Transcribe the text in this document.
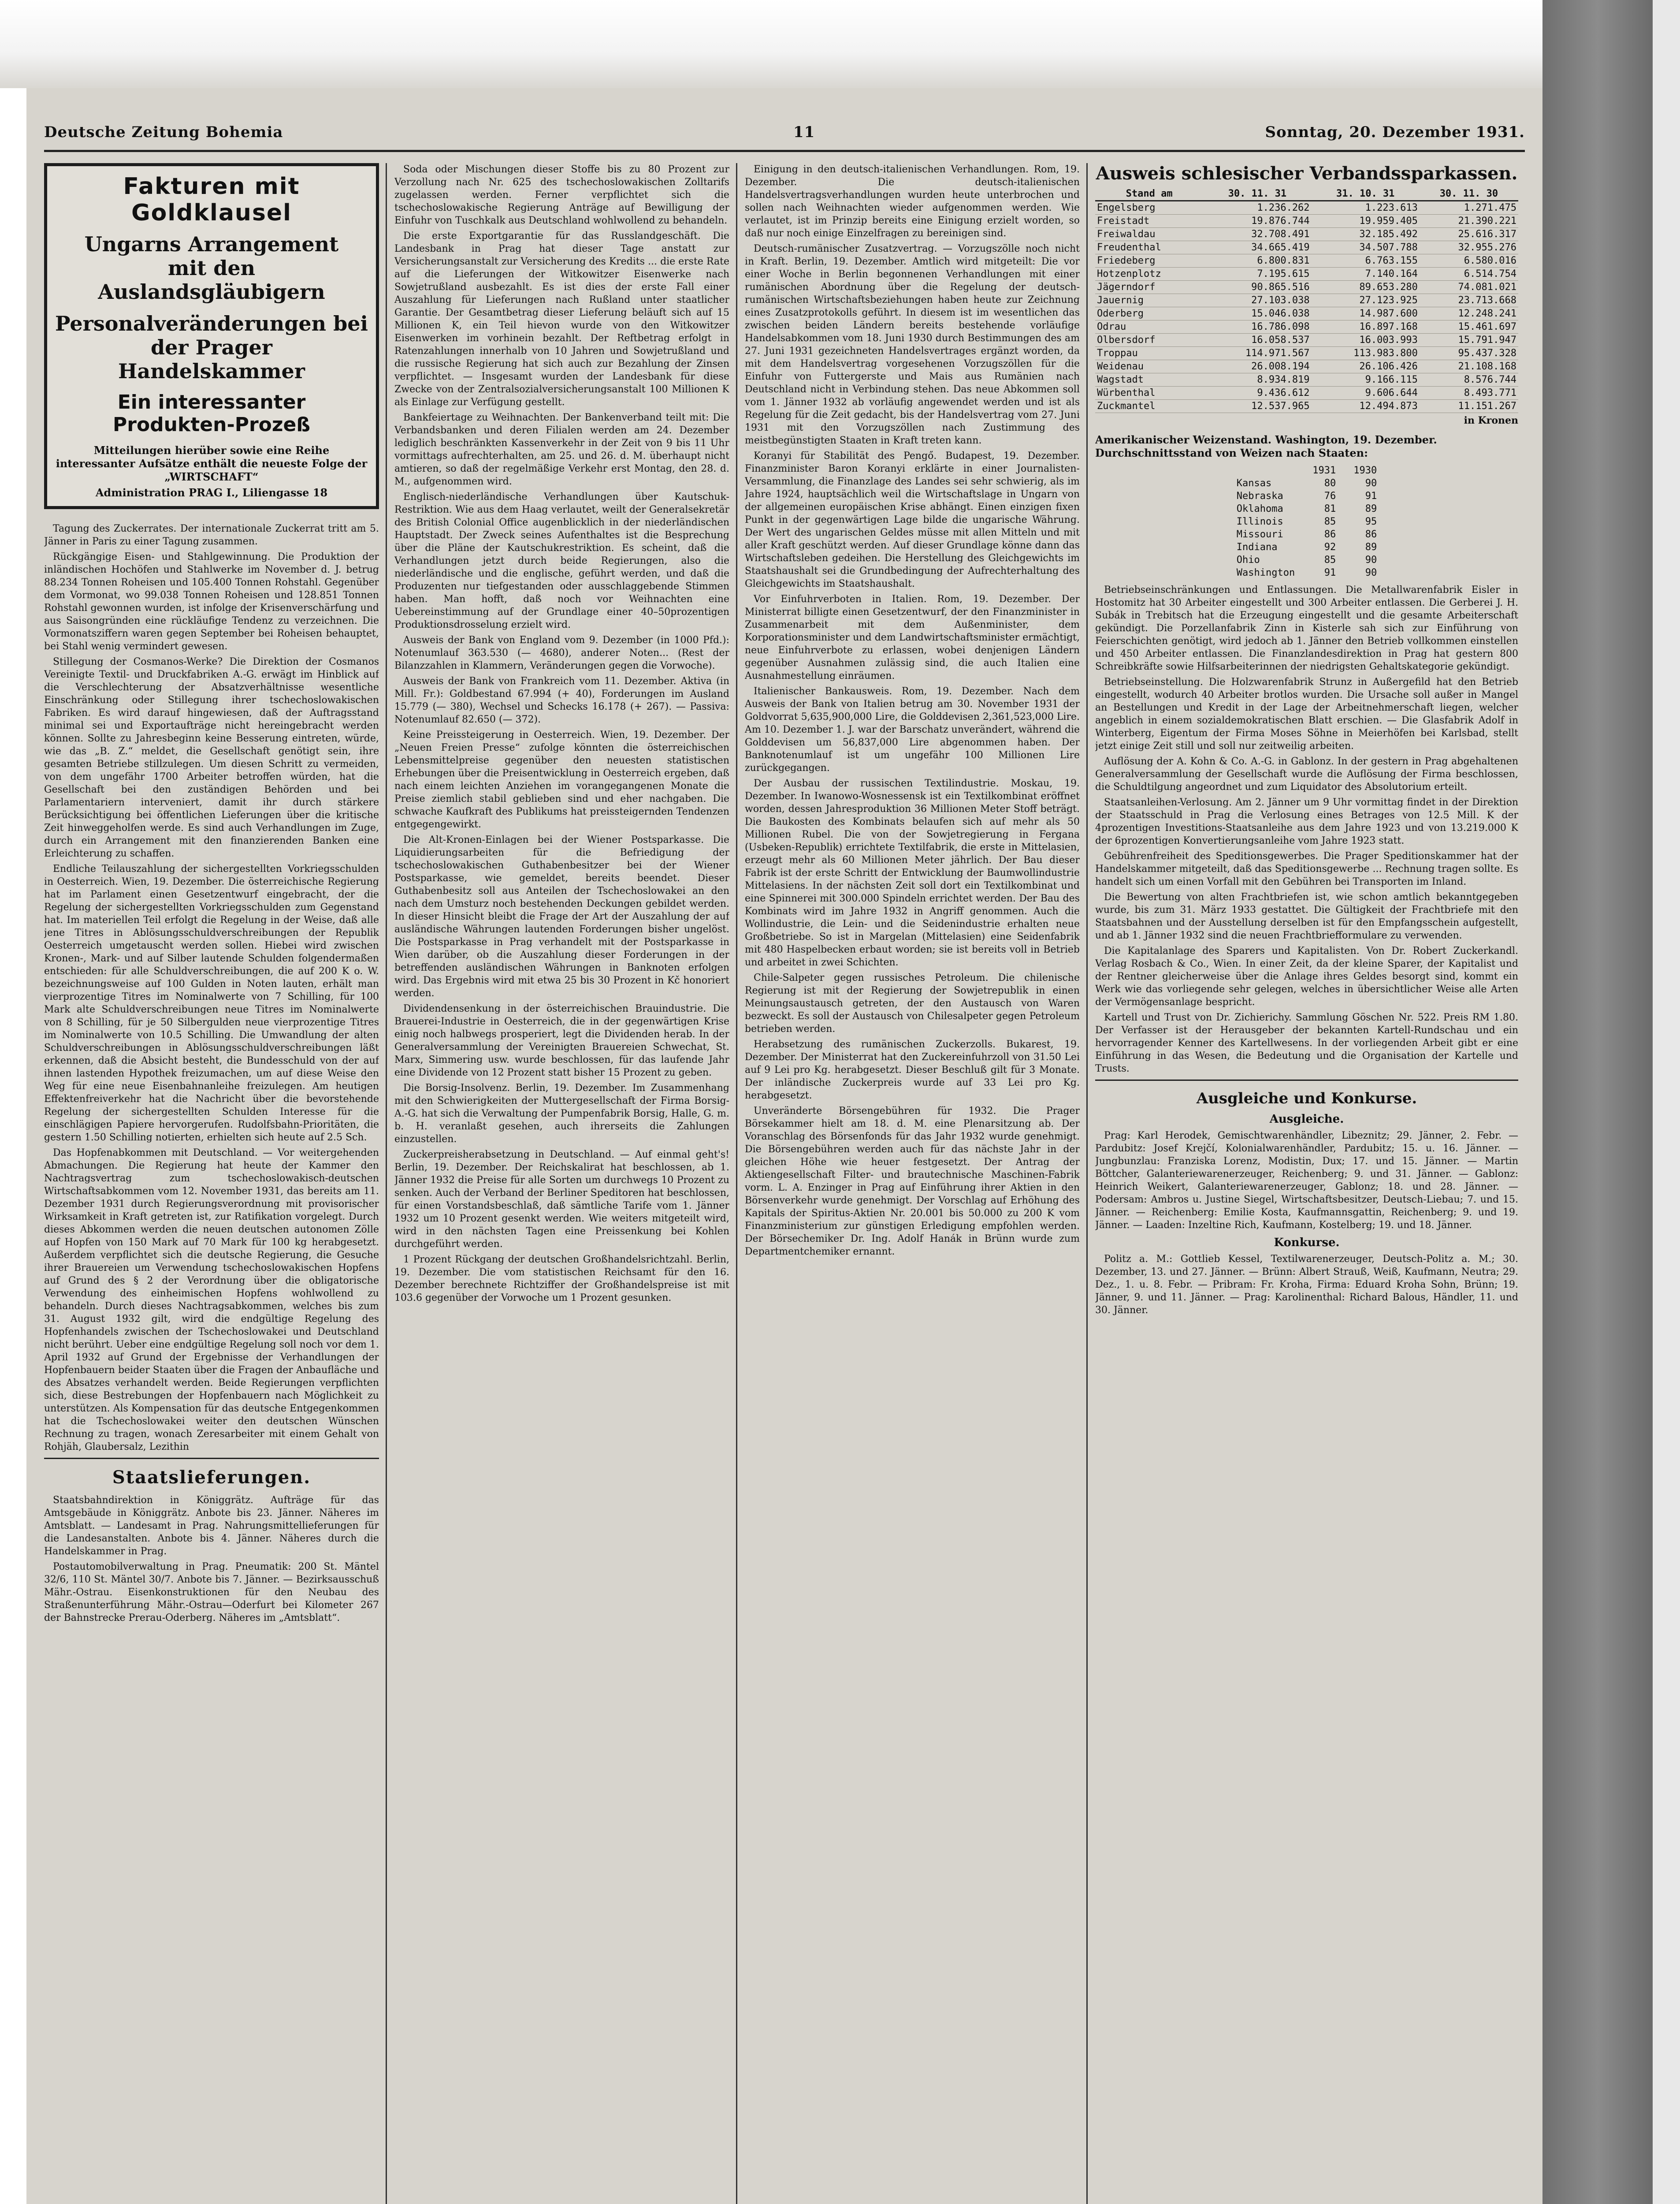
Deutsche Zeitung Bohemia	11	Sonntag, 20. Dezember 1931.
Fakturen mit Goldklausel
Ungarns Arrangement
mit den Auslandsgläubigern
Personalveränderungen bei
der Prager Handelskammer
Ein interessanter Produkten-Prozeß
Mitteilungen hierüber sowie eine Reihe interessanter Aufsätze enthält die neueste Folge der „WIRTSCHAFT“
Administration PRAG I., Liliengasse 18

Tagung des Zuckerrates. Der internationale Zuckerrat tritt am 5. Jänner in Paris zu einer Tagung zusammen.

Rückgängige Eisen- und Stahlgewinnung. Die Produktion der inländischen Hochöfen und Stahlwerke im November d. J. betrug 88.234 Tonnen Roheisen und 105.400 Tonnen Rohstahl. Gegenüber dem Vormonat, wo 99.038 Tonnen Roheisen und 128.851 Tonnen Rohstahl gewonnen wurden, ist infolge der Krisenverschärfung und aus Saisongründen eine rückläufige Tendenz zu verzeichnen. Die Vormonatsziffern waren gegen September bei Roheisen behauptet, bei Stahl wenig vermindert gewesen.

Stillegung der Cosmanos-Werke? Die Direktion der Cosmanos Vereinigte Textil- und Druckfabriken A.-G. erwägt im Hinblick auf die Verschlechterung der Absatzverhältnisse wesentliche Einschränkung oder Stillegung ihrer tschechoslowakischen Fabriken. Es wird darauf hingewiesen, daß der Auftragsstand minimal sei und Exportaufträge nicht hereingebracht werden können. Sollte zu Jahresbeginn keine Besserung eintreten, würde, wie das „B. Z.“ meldet, die Gesellschaft genötigt sein, ihre gesamten Betriebe stillzulegen. Um diesen Schritt zu vermeiden, von dem ungefähr 1700 Arbeiter betroffen würden, hat die Gesellschaft bei den zuständigen Behörden und bei Parlamentariern interveniert, damit ihr durch stärkere Berücksichtigung bei öffentlichen Lieferungen über die kritische Zeit hinweggeholfen werde. Es sind auch Verhandlungen im Zuge, durch ein Arrangement mit den finanzierenden Banken eine Erleichterung zu schaffen.

Endliche Teilauszahlung der sichergestellten Vorkriegsschulden in Oesterreich. Wien, 19. Dezember. Die österreichische Regierung hat im Parlament einen Gesetzentwurf eingebracht, der die Regelung der sichergestellten Vorkriegsschulden zum Gegenstand hat. Im materiellen Teil erfolgt die Regelung in der Weise, daß alle jene Titres in Ablösungsschuldverschreibungen der Republik Oesterreich umgetauscht werden sollen. Hiebei wird zwischen Kronen-, Mark- und auf Silber lautende Schulden folgendermaßen entschieden: für alle Schuldverschreibungen, die auf 200 K o. W. bezeichnungsweise auf 100 Gulden in Noten lauten, erhält man vierprozentige Titres im Nominalwerte von 7 Schilling, für 100 Mark alte Schuldverschreibungen neue Titres im Nominalwerte von 8 Schilling, für je 50 Silbergulden neue vierprozentige Titres im Nominalwerte von 10.5 Schilling. Die Umwandlung der alten Schuldverschreibungen in Ablösungsschuldverschreibungen läßt erkennen, daß die Absicht besteht, die Bundesschuld von der auf ihnen lastenden Hypothek freizumachen, um auf diese Weise den Weg für eine neue Eisenbahnanleihe freizulegen. Am heutigen Effektenfreiverkehr hat die Nachricht über die bevorstehende Regelung der sichergestellten Schulden Interesse für die einschlägigen Papiere hervorgerufen. Rudolfsbahn-Prioritäten, die gestern 1.50 Schilling notierten, erhielten sich heute auf 2.5 Sch.

Das Hopfenabkommen mit Deutschland. — Vor weitergehenden Abmachungen. Die Regierung hat heute der Kammer den Nachtragsvertrag zum tschechoslowakisch-deutschen Wirtschaftsabkommen vom 12. November 1931, das bereits am 11. Dezember 1931 durch Regierungsverordnung mit provisorischer Wirksamkeit in Kraft getreten ist, zur Ratifikation vorgelegt. Durch dieses Abkommen werden die neuen deutschen autonomen Zölle auf Hopfen von 150 Mark auf 70 Mark für 100 kg herabgesetzt. Außerdem verpflichtet sich die deutsche Regierung, die Gesuche ihrer Brauereien um Verwendung tschechoslowakischen Hopfens auf Grund des § 2 der Verordnung über die obligatorische Verwendung des einheimischen Hopfens wohlwollend zu behandeln. Durch dieses Nachtragsabkommen, welches bis zum 31. August 1932 gilt, wird die endgültige Regelung des Hopfenhandels zwischen der Tschechoslowakei und Deutschland nicht berührt. Ueber eine endgültige Regelung soll noch vor dem 1. April 1932 auf Grund der Ergebnisse der Verhandlungen der Hopfenbauern beider Staaten über die Fragen der Anbaufläche und des Absatzes verhandelt werden. Beide Regierungen verpflichten sich, diese Bestrebungen der Hopfenbauern nach Möglichkeit zu unterstützen. Als Kompensation für das deutsche Entgegenkommen hat die Tschechoslowakei weiter den deutschen Wünschen Rechnung zu tragen, wonach Zeresarbeiter mit einem Gehalt von Rohjäh, Glaubersalz, Lezithin

Staatslieferungen.

Staatsbahndirektion in Königgrätz. Aufträge für das Amtsgebäude in Königgrätz. Anbote bis 23. Jänner. Näheres im Amtsblatt. — Landesamt in Prag. Nahrungsmittellieferungen für die Landesanstalten. Anbote bis 4. Jänner. Näheres durch die Handelskammer in Prag.

Postautomobilverwaltung in Prag. Pneumatik: 200 St. Mäntel 32/6, 110 St. Mäntel 30/7. Anbote bis 7. Jänner. — Bezirksausschuß Mähr.-Ostrau. Eisenkonstruktionen für den Neubau des Straßenunterführung Mähr.-Ostrau—Oderfurt bei Kilometer 267 der Bahnstrecke Prerau-Oderberg. Näheres im „Amtsblatt“.

Soda oder Mischungen dieser Stoffe bis zu 80 Prozent zur Verzollung nach Nr. 625 des tschechoslowakischen Zolltarifs zugelassen werden. Ferner verpflichtet sich die tschechoslowakische Regierung Anträge auf Bewilligung der Einfuhr von Tuschkalk aus Deutschland wohlwollend zu behandeln.

Die erste Exportgarantie für das Russlandgeschäft. Die Landesbank in Prag hat dieser Tage anstatt zur Versicherungsanstalt zur Versicherung des Kredits ... die erste Rate auf die Lieferungen der Witkowitzer Eisenwerke nach Sowjetrußland ausbezahlt. Es ist dies der erste Fall einer Auszahlung für Lieferungen nach Rußland unter staatlicher Garantie. Der Gesamtbetrag dieser Lieferung beläuft sich auf 15 Millionen K, ein Teil hievon wurde von den Witkowitzer Eisenwerken im vorhinein bezahlt. Der Reftbetrag erfolgt in Ratenzahlungen innerhalb von 10 Jahren und Sowjetrußland und die russische Regierung hat sich auch zur Bezahlung der Zinsen verpflichtet. — Insgesamt wurden der Landesbank für diese Zwecke von der Zentralsozialversicherungsanstalt 100 Millionen K als Einlage zur Verfügung gestellt.

Bankfeiertage zu Weihnachten. Der Bankenverband teilt mit: Die Verbandsbanken und deren Filialen werden am 24. Dezember lediglich beschränkten Kassenverkehr in der Zeit von 9 bis 11 Uhr vormittags aufrechterhalten, am 25. und 26. d. M. überhaupt nicht amtieren, so daß der regelmäßige Verkehr erst Montag, den 28. d. M., aufgenommen wird.

Englisch-niederländische Verhandlungen über Kautschuk-Restriktion. Wie aus dem Haag verlautet, weilt der Generalsekretär des British Colonial Office augenblicklich in der niederländischen Hauptstadt. Der Zweck seines Aufenthaltes ist die Besprechung über die Pläne der Kautschukrestriktion. Es scheint, daß die Verhandlungen jetzt durch beide Regierungen, also die niederländische und die englische, geführt werden, und daß die Produzenten nur tiefgestanden oder ausschlaggebende Stimmen haben. Man hofft, daß noch vor Weihnachten eine Uebereinstimmung auf der Grundlage einer 40–50prozentigen Produktionsdrosselung erzielt wird.

Ausweis der Bank von England vom 9. Dezember (in 1000 Pfd.): Notenumlauf 363.530 (— 4680), anderer Noten... (Rest der Bilanzzahlen in Klammern, Veränderungen gegen die Vorwoche).

Ausweis der Bank von Frankreich vom 11. Dezember. Aktiva (in Mill. Fr.): Goldbestand 67.994 (+ 40), Forderungen im Ausland 15.779 (— 380), Wechsel und Schecks 16.178 (+ 267). — Passiva: Notenumlauf 82.650 (— 372).

Keine Preissteigerung in Oesterreich. Wien, 19. Dezember. Der „Neuen Freien Presse“ zufolge könnten die österreichischen Lebensmittelpreise gegenüber den neuesten statistischen Erhebungen über die Preisentwicklung in Oesterreich ergeben, daß nach einem leichten Anziehen im vorangegangenen Monate die Preise ziemlich stabil geblieben sind und eher nachgaben. Die schwache Kaufkraft des Publikums hat preissteigernden Tendenzen entgegengewirkt.

Die Alt-Kronen-Einlagen bei der Wiener Postsparkasse. Die Liquidierungsarbeiten für die Befriedigung der tschechoslowakischen Guthabenbesitzer bei der Wiener Postsparkasse, wie gemeldet, bereits beendet. Dieser Guthabenbesitz soll aus Anteilen der Tschechoslowakei an den nach dem Umsturz noch bestehenden Deckungen gebildet werden. In dieser Hinsicht bleibt die Frage der Art der Auszahlung der auf ausländische Währungen lautenden Forderungen bisher ungelöst. Die Postsparkasse in Prag verhandelt mit der Postsparkasse in Wien darüber, ob die Auszahlung dieser Forderungen in der betreffenden ausländischen Währungen in Banknoten erfolgen wird. Das Ergebnis wird mit etwa 25 bis 30 Prozent in Kč honoriert werden.

Dividendensenkung in der österreichischen Brauindustrie. Die Brauerei-Industrie in Oesterreich, die in der gegenwärtigen Krise einig noch halbwegs prosperiert, legt die Dividenden herab. In der Generalversammlung der Vereinigten Brauereien Schwechat, St. Marx, Simmering usw. wurde beschlossen, für das laufende Jahr eine Dividende von 12 Prozent statt bisher 15 Prozent zu geben.

Die Borsig-Insolvenz. Berlin, 19. Dezember. Im Zusammenhang mit den Schwierigkeiten der Muttergesellschaft der Firma Borsig-A.-G. hat sich die Verwaltung der Pumpenfabrik Borsig, Halle, G. m. b. H. veranlaßt gesehen, auch ihrerseits die Zahlungen einzustellen.

Zuckerpreisherabsetzung in Deutschland. — Auf einmal geht's! Berlin, 19. Dezember. Der Reichskalirat hat beschlossen, ab 1. Jänner 1932 die Preise für alle Sorten um durchwegs 10 Prozent zu senken. Auch der Verband der Berliner Speditoren hat beschlossen, für einen Vorstandsbeschlaß, daß sämtliche Tarife vom 1. Jänner 1932 um 10 Prozent gesenkt werden. Wie weiters mitgeteilt wird, wird in den nächsten Tagen eine Preissenkung bei Kohlen durchgeführt werden.

1 Prozent Rückgang der deutschen Großhandelsrichtzahl. Berlin, 19. Dezember. Die vom statistischen Reichsamt für den 16. Dezember berechnete Richtziffer der Großhandelspreise ist mit 103.6 gegenüber der Vorwoche um 1 Prozent gesunken.

Einigung in den deutsch-italienischen Verhandlungen. Rom, 19. Dezember. Die deutsch-italienischen Handelsvertragsverhandlungen wurden heute unterbrochen und sollen nach Weihnachten wieder aufgenommen werden. Wie verlautet, ist im Prinzip bereits eine Einigung erzielt worden, so daß nur noch einige Einzelfragen zu bereinigen sind.

Deutsch-rumänischer Zusatzvertrag. — Vorzugszölle noch nicht in Kraft. Berlin, 19. Dezember. Amtlich wird mitgeteilt: Die vor einer Woche in Berlin begonnenen Verhandlungen mit einer rumänischen Abordnung über die Regelung der deutsch-rumänischen Wirtschaftsbeziehungen haben heute zur Zeichnung eines Zusatzprotokolls geführt. In diesem ist im wesentlichen das zwischen beiden Ländern bereits bestehende vorläufige Handelsabkommen vom 18. Juni 1930 durch Bestimmungen des am 27. Juni 1931 gezeichneten Handelsvertrages ergänzt worden, da mit dem Handelsvertrag vorgesehenen Vorzugszöllen für die Einfuhr von Futtergerste und Mais aus Rumänien nach Deutschland nicht in Verbindung stehen. Das neue Abkommen soll vom 1. Jänner 1932 ab vorläufig angewendet werden und ist als Regelung für die Zeit gedacht, bis der Handelsvertrag vom 27. Juni 1931 mit den Vorzugszöllen nach Zustimmung des meistbegünstigten Staaten in Kraft treten kann.

Koranyi für Stabilität des Pengő. Budapest, 19. Dezember. Finanzminister Baron Koranyi erklärte in einer Journalisten-Versammlung, die Finanzlage des Landes sei sehr schwierig, als im Jahre 1924, hauptsächlich weil die Wirtschaftslage in Ungarn von der allgemeinen europäischen Krise abhängt. Einen einzigen fixen Punkt in der gegenwärtigen Lage bilde die ungarische Währung. Der Wert des ungarischen Geldes müsse mit allen Mitteln und mit aller Kraft geschützt werden. Auf dieser Grundlage könne dann das Wirtschaftsleben gedeihen. Die Herstellung des Gleichgewichts im Staatshaushalt sei die Grundbedingung der Aufrechterhaltung des Gleichgewichts im Staatshaushalt.

Vor Einfuhrverboten in Italien. Rom, 19. Dezember. Der Ministerrat billigte einen Gesetzentwurf, der den Finanzminister in Zusammenarbeit mit dem Außenminister, dem Korporationsminister und dem Landwirtschaftsminister ermächtigt, neue Einfuhrverbote zu erlassen, wobei denjenigen Ländern gegenüber Ausnahmen zulässig sind, die auch Italien eine Ausnahmestellung einräumen.

Italienischer Bankausweis. Rom, 19. Dezember. Nach dem Ausweis der Bank von Italien betrug am 30. November 1931 der Goldvorrat 5,635,900,000 Lire, die Golddevisen 2,361,523,000 Lire. Am 10. Dezember 1. J. war der Barschatz unverändert, während die Golddevisen um 56,837,000 Lire abgenommen haben. Der Banknotenumlauf ist um ungefähr 100 Millionen Lire zurückgegangen.

Der Ausbau der russischen Textilindustrie. Moskau, 19. Dezember. In Iwanowo-Wosnessensk ist ein Textilkombinat eröffnet worden, dessen Jahresproduktion 36 Millionen Meter Stoff beträgt. Die Baukosten des Kombinats belaufen sich auf mehr als 50 Millionen Rubel. Die von der Sowjetregierung in Fergana (Usbeken-Republik) errichtete Textilfabrik, die erste in Mittelasien, erzeugt mehr als 60 Millionen Meter jährlich. Der Bau dieser Fabrik ist der erste Schritt der Entwicklung der Baumwollindustrie Mittelasiens. In der nächsten Zeit soll dort ein Textilkombinat und eine Spinnerei mit 300.000 Spindeln errichtet werden. Der Bau des Kombinats wird im Jahre 1932 in Angriff genommen. Auch die Wollindustrie, die Lein- und die Seidenindustrie erhalten neue Großbetriebe. So ist in Margelan (Mittelasien) eine Seidenfabrik mit 480 Haspelbecken erbaut worden; sie ist bereits voll in Betrieb und arbeitet in zwei Schichten.

Chile-Salpeter gegen russisches Petroleum. Die chilenische Regierung ist mit der Regierung der Sowjetrepublik in einen Meinungsaustausch getreten, der den Austausch von Waren bezweckt. Es soll der Austausch von Chilesalpeter gegen Petroleum betrieben werden.

Herabsetzung des rumänischen Zuckerzolls. Bukarest, 19. Dezember. Der Ministerrat hat den Zuckereinfuhrzoll von 31.50 Lei auf 9 Lei pro Kg. herabgesetzt. Dieser Beschluß gilt für 3 Monate. Der inländische Zuckerpreis wurde auf 33 Lei pro Kg. herabgesetzt.

Unveränderte Börsengebühren für 1932. Die Prager Börsekammer hielt am 18. d. M. eine Plenarsitzung ab. Der Voranschlag des Börsenfonds für das Jahr 1932 wurde genehmigt. Die Börsengebühren werden auch für das nächste Jahr in der gleichen Höhe wie heuer festgesetzt. Der Antrag der Aktiengesellschaft Filter- und brautechnische Maschinen-Fabrik vorm. L. A. Enzinger in Prag auf Einführung ihrer Aktien in den Börsenverkehr wurde genehmigt. Der Vorschlag auf Erhöhung des Kapitals der Spiritus-Aktien Nr. 20.001 bis 50.000 zu 200 K vom Finanzministerium zur günstigen Erledigung empfohlen werden. Der Börsechemiker Dr. Ing. Adolf Hanák in Brünn wurde zum Departmentchemiker ernannt.

Ausweis schlesischer Verbandssparkassen.
Stand am	30. 11. 31	31. 10. 31	30. 11. 30
Engelsberg	1.236.262	1.223.613	1.271.475
Freistadt	19.876.744	19.959.405	21.390.221
Freiwaldau	32.708.491	32.185.492	25.616.317
Freudenthal	34.665.419	34.507.788	32.955.276
Friedeberg	6.800.831	6.763.155	6.580.016
Hotzenplotz	7.195.615	7.140.164	6.514.754
Jägerndorf	90.865.516	89.653.280	74.081.021
Jauernig	27.103.038	27.123.925	23.713.668
Oderberg	15.046.038	14.987.600	12.248.241
Odrau	16.786.098	16.897.168	15.461.697
Olbersdorf	16.058.537	16.003.993	15.791.947
Troppau	114.971.567	113.983.800	95.437.328
Weidenau	26.008.194	26.106.426	21.108.168
Wagstadt	8.934.819	9.166.115	8.576.744
Würbenthal	9.436.612	9.606.644	8.493.771
Zuckmantel	12.537.965	12.494.873	11.151.267
in Kronen
Amerikanischer Weizenstand. Washington, 19. Dezember. Durchschnittsstand von Weizen nach Staaten:
	1931	1930
Kansas	80	90
Nebraska	76	91
Oklahoma	81	89
Illinois	85	95
Missouri	86	86
Indiana	92	89
Ohio	85	90
Washington	91	90

Betriebseinschränkungen und Entlassungen. Die Metallwarenfabrik Eisler in Hostomitz hat 30 Arbeiter eingestellt und 300 Arbeiter entlassen. Die Gerberei J. H. Subák in Trebitsch hat die Erzeugung eingestellt und die gesamte Arbeiterschaft gekündigt. Die Porzellanfabrik Zinn in Kisterle sah sich zur Einführung von Feierschichten genötigt, wird jedoch ab 1. Jänner den Betrieb vollkommen einstellen und 450 Arbeiter entlassen. Die Finanzlandesdirektion in Prag hat gestern 800 Schreibkräfte sowie Hilfsarbeiterinnen der niedrigsten Gehaltskategorie gekündigt.

Betriebseinstellung. Die Holzwarenfabrik Strunz in Außergefild hat den Betrieb eingestellt, wodurch 40 Arbeiter brotlos wurden. Die Ursache soll außer in Mangel an Bestellungen und Kredit in der Lage der Arbeitnehmerschaft liegen, welcher angeblich in einem sozialdemokratischen Blatt erschien. — Die Glasfabrik Adolf in Winterberg, Eigentum der Firma Moses Söhne in Meierhöfen bei Karlsbad, stellt jetzt einige Zeit still und soll nur zeitweilig arbeiten.

Auflösung der A. Kohn & Co. A.-G. in Gablonz. In der gestern in Prag abgehaltenen Generalversammlung der Gesellschaft wurde die Auflösung der Firma beschlossen, die Schuldtilgung angeordnet und zum Liquidator des Absolutorium erteilt.

Staatsanleihen-Verlosung. Am 2. Jänner um 9 Uhr vormittag findet in der Direktion der Staatsschuld in Prag die Verlosung eines Betrages von 12.5 Mill. K der 4prozentigen Investitions-Staatsanleihe aus dem Jahre 1923 und von 13.219.000 K der 6prozentigen Konvertierungsanleihe vom Jahre 1923 statt.

Gebührenfreiheit des Speditionsgewerbes. Die Prager Speditionskammer hat der Handelskammer mitgeteilt, daß das Speditionsgewerbe ... Rechnung tragen sollte. Es handelt sich um einen Vorfall mit den Gebühren bei Transporten im Inland.

Die Bewertung von alten Frachtbriefen ist, wie schon amtlich bekanntgegeben wurde, bis zum 31. März 1933 gestattet. Die Gültigkeit der Frachtbriefe mit den Staatsbahnen und der Ausstellung derselben ist für den Empfangsschein aufgestellt, und ab 1. Jänner 1932 sind die neuen Frachtbriefformulare zu verwenden.

Die Kapitalanlage des Sparers und Kapitalisten. Von Dr. Robert Zuckerkandl. Verlag Rosbach & Co., Wien. In einer Zeit, da der kleine Sparer, der Kapitalist und der Rentner gleicherweise über die Anlage ihres Geldes besorgt sind, kommt ein Werk wie das vorliegende sehr gelegen, welches in übersichtlicher Weise alle Arten der Vermögensanlage bespricht.

Kartell und Trust von Dr. Zichierichy. Sammlung Göschen Nr. 522. Preis RM 1.80. Der Verfasser ist der Herausgeber der bekannten Kartell-Rundschau und ein hervorragender Kenner des Kartellwesens. In der vorliegenden Arbeit gibt er eine Einführung in das Wesen, die Bedeutung und die Organisation der Kartelle und Trusts.

Ausgleiche und Konkurse.
Ausgleiche.

Prag: Karl Herodek, Gemischtwarenhändler, Libeznitz; 29. Jänner, 2. Febr. — Pardubitz: Josef Krejčí, Kolonialwarenhändler, Pardubitz; 15. u. 16. Jänner. — Jungbunzlau: Franziska Lorenz, Modistin, Dux; 17. und 15. Jänner. — Martin Böttcher, Galanteriewarenerzeuger, Reichenberg; 9. und 31. Jänner. — Gablonz: Heinrich Weikert, Galanteriewarenerzeuger, Gablonz; 18. und 28. Jänner. — Podersam: Ambros u. Justine Siegel, Wirtschaftsbesitzer, Deutsch-Liebau; 7. und 15. Jänner. — Reichenberg: Emilie Kosta, Kaufmannsgattin, Reichenberg; 9. und 19. Jänner. — Laaden: Inzeltine Rich, Kaufmann, Kostelberg; 19. und 18. Jänner.

Konkurse.

Politz a. M.: Gottlieb Kessel, Textilwarenerzeuger, Deutsch-Politz a. M.; 30. Dezember, 13. und 27. Jänner. — Brünn: Albert Strauß, Weiß, Kaufmann, Neutra; 29. Dez., 1. u. 8. Febr. — Pribram: Fr. Kroha, Firma: Eduard Kroha Sohn, Brünn; 19. Jänner, 9. und 11. Jänner. — Prag: Karolinenthal: Richard Balous, Händler, 11. und 30. Jänner.
